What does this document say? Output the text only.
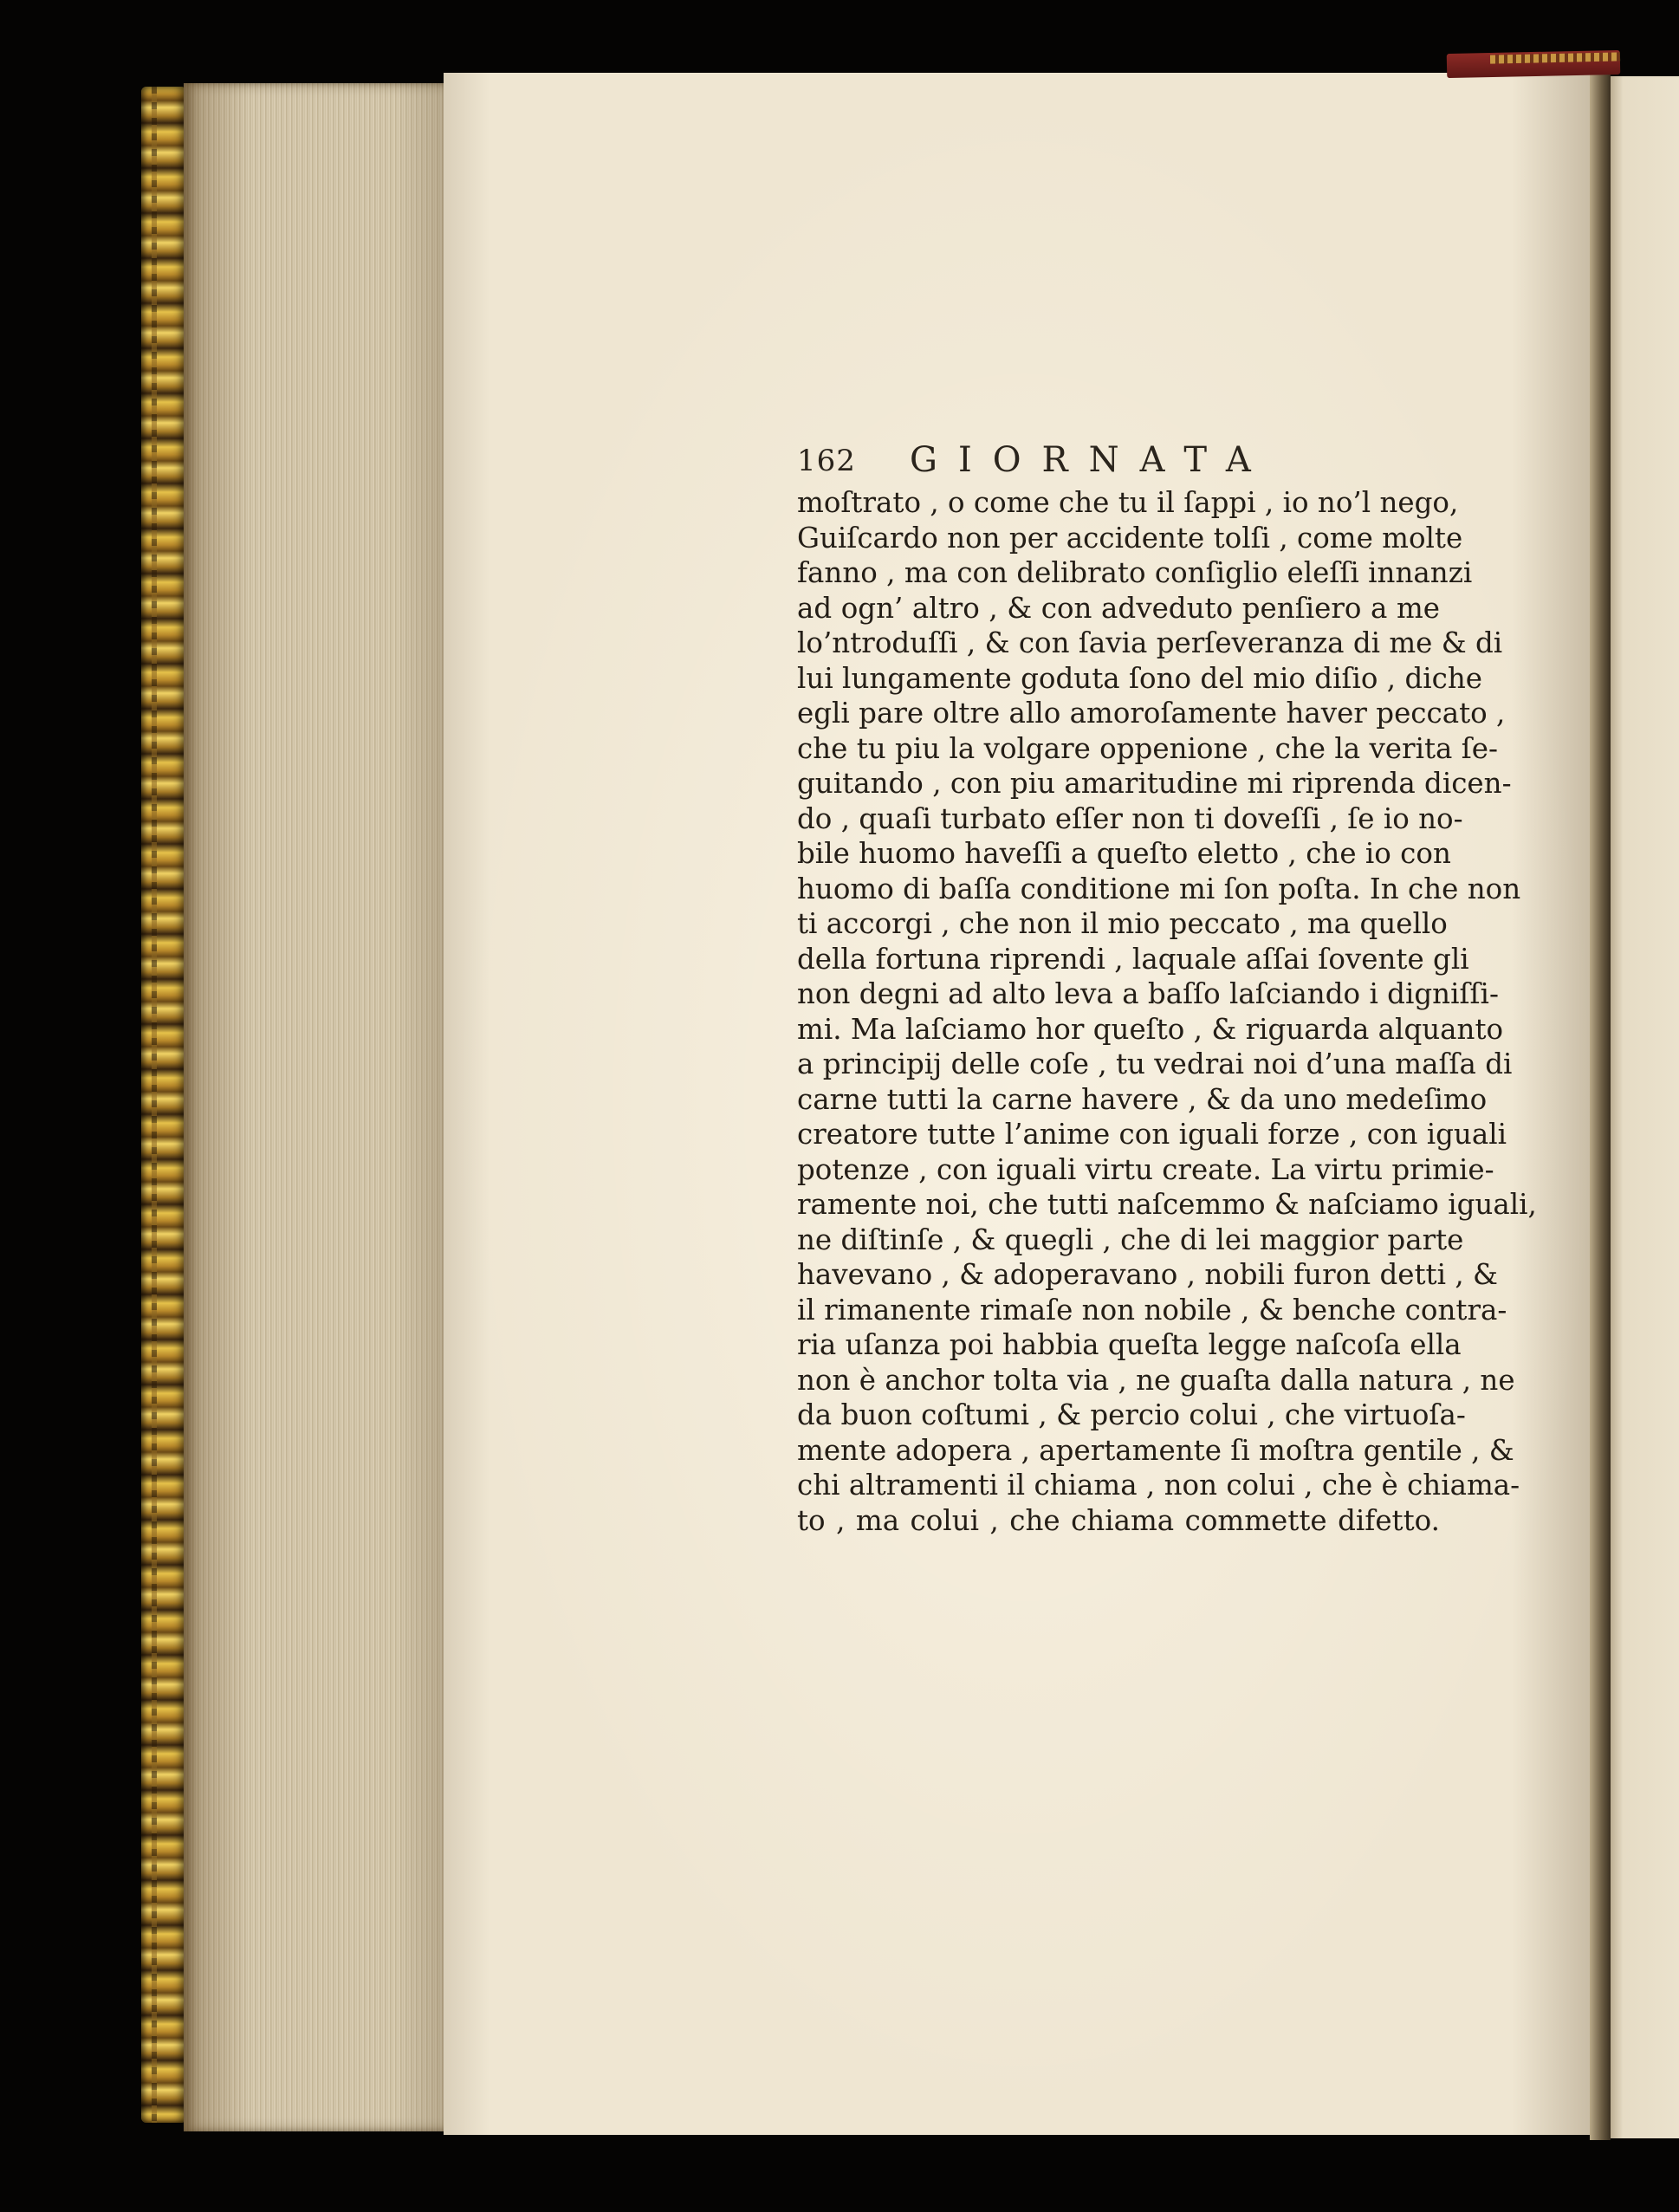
162 GIORNATA
moſtrato , o come che tu il ſappi , io no’l nego,
Guiſcardo non per accidente tolſi , come molte
fanno , ma con delibrato conſiglio eleſſi innanzi
ad ogn’ altro , & con adveduto penſiero a me
lo’ntroduſſi , & con ſavia perſeveranza di me & di
lui lungamente goduta ſono del mio diſio , diche
egli pare oltre allo amoroſamente haver peccato ,
che tu piu la volgare oppenione , che la verita ſe-
guitando , con piu amaritudine mi riprenda dicen-
do , quaſi turbato eſſer non ti doveſſi , ſe io no-
bile huomo haveſſi a queſto eletto , che io con
huomo di baſſa conditione mi ſon poſta. In che non
ti accorgi , che non il mio peccato , ma quello
della fortuna riprendi , laquale aſſai ſovente gli
non degni ad alto leva a baſſo laſciando i digniſſi-
mi. Ma laſciamo hor queſto , & riguarda alquanto
a principij delle coſe , tu vedrai noi d’una maſſa di
carne tutti la carne havere , & da uno medeſimo
creatore tutte l’anime con iguali forze , con iguali
potenze , con iguali virtu create. La virtu primie-
ramente noi, che tutti naſcemmo & naſciamo iguali,
ne diſtinſe , & quegli , che di lei maggior parte
havevano , & adoperavano , nobili furon detti , &
il rimanente rimaſe non nobile , & benche contra-
ria uſanza poi habbia queſta legge naſcoſa ella
non è anchor tolta via , ne guaſta dalla natura , ne
da buon coſtumi , & percio colui , che virtuoſa-
mente adopera , apertamente ſi moſtra gentile , &
chi altramenti il chiama , non colui , che è chiama-
to , ma colui , che chiama commette difetto.
